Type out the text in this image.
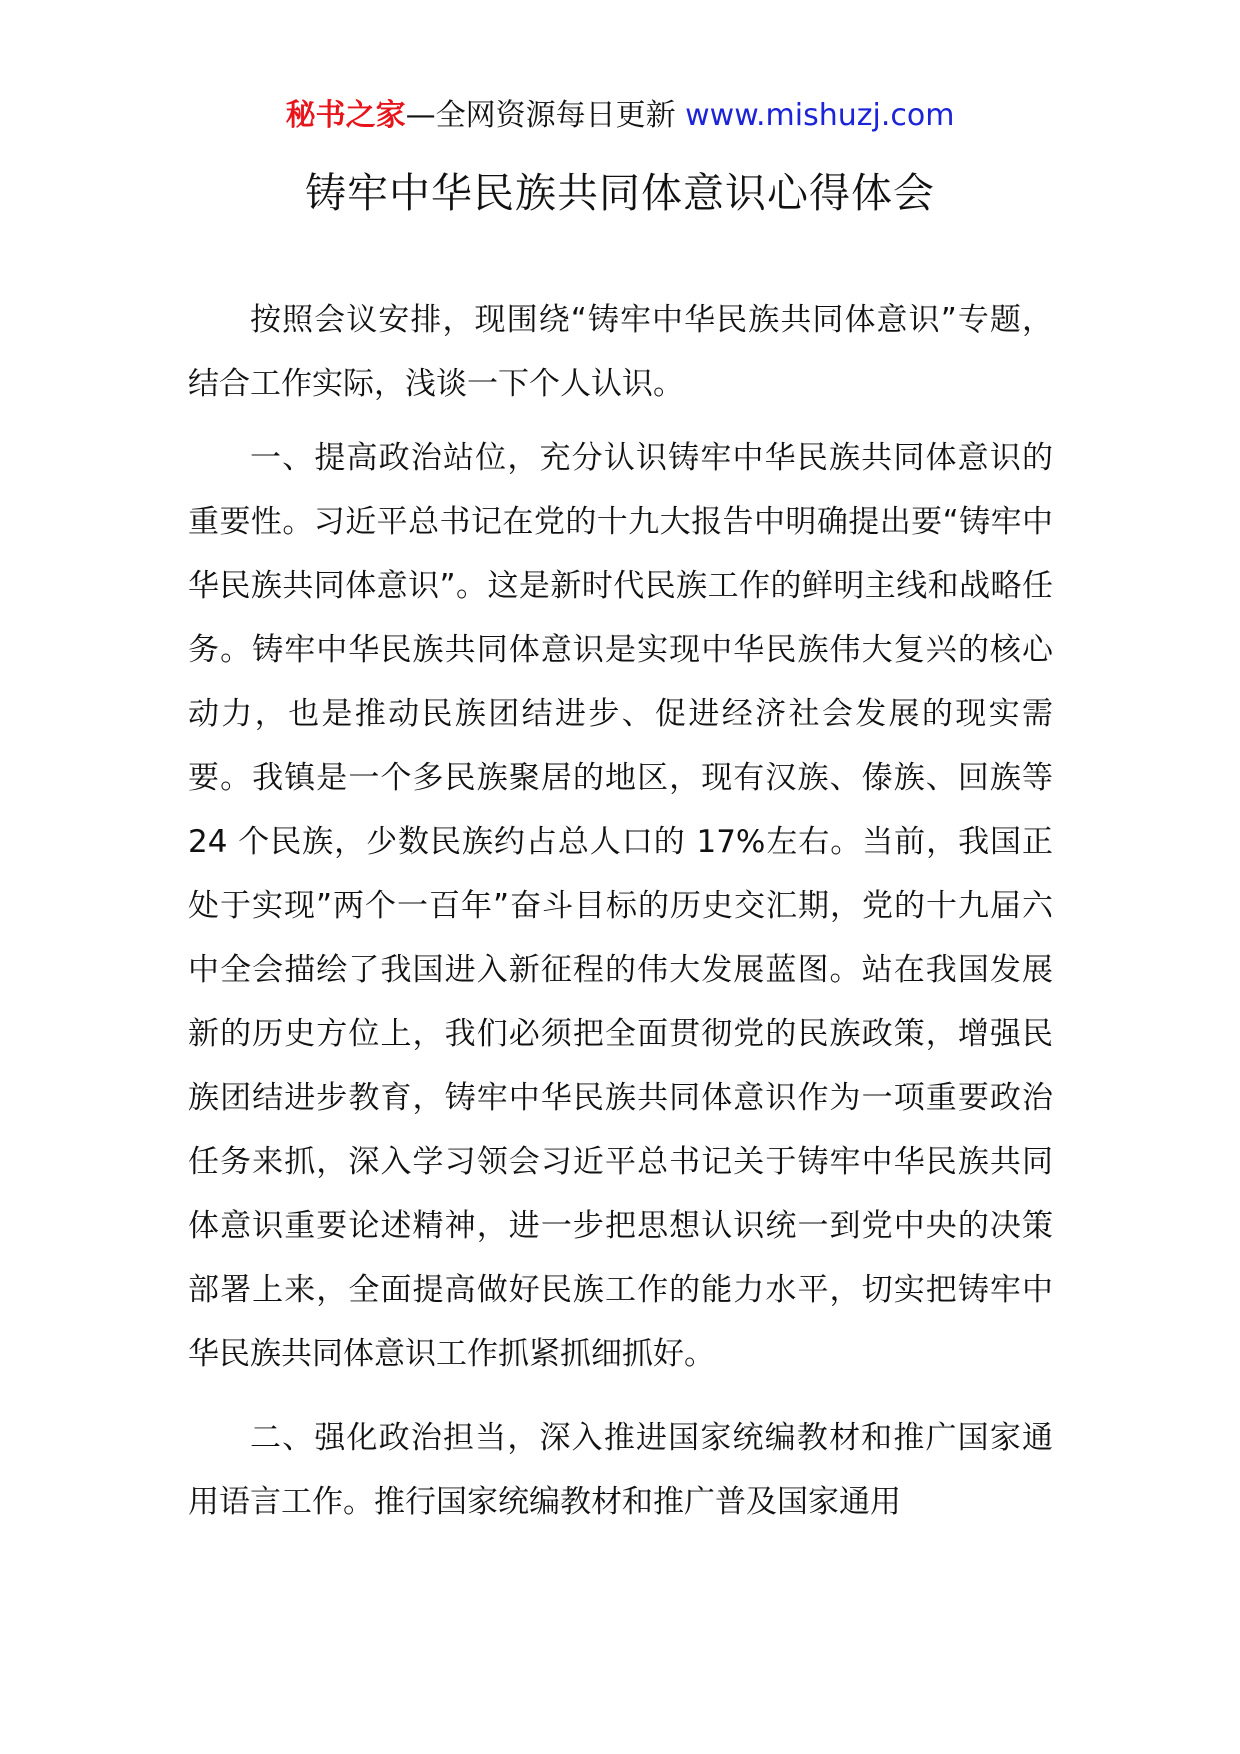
秘书之家—全网资源每日更新 www.mishuzj.com
铸牢中华民族共同体意识心得体会

按照会议安排，现围绕“铸牢中华民族共同体意识”专题，结合工作实际，浅谈一下个人认识。

一、提高政治站位，充分认识铸牢中华民族共同体意识的重要性。习近平总书记在党的十九大报告中明确提出要“铸牢中华民族共同体意识”。这是新时代民族工作的鲜明主线和战略任务。铸牢中华民族共同体意识是实现中华民族伟大复兴的核心动力，也是推动民族团结进步、促进经济社会发展的现实需要。我镇是一个多民族聚居的地区，现有汉族、傣族、回族等 24 个民族，少数民族约占总人口的 17%左右。当前，我国正处于实现”两个一百年”奋斗目标的历史交汇期，党的十九届六中全会描绘了我国进入新征程的伟大发展蓝图。站在我国发展新的历史方位上，我们必须把全面贯彻党的民族政策，增强民族团结进步教育，铸牢中华民族共同体意识作为一项重要政治任务来抓，深入学习领会习近平总书记关于铸牢中华民族共同体意识重要论述精神，进一步把思想认识统一到党中央的决策部署上来，全面提高做好民族工作的能力水平，切实把铸牢中华民族共同体意识工作抓紧抓细抓好。

二、强化政治担当，深入推进国家统编教材和推广国家通用语言工作。推行国家统编教材和推广普及国家通用
